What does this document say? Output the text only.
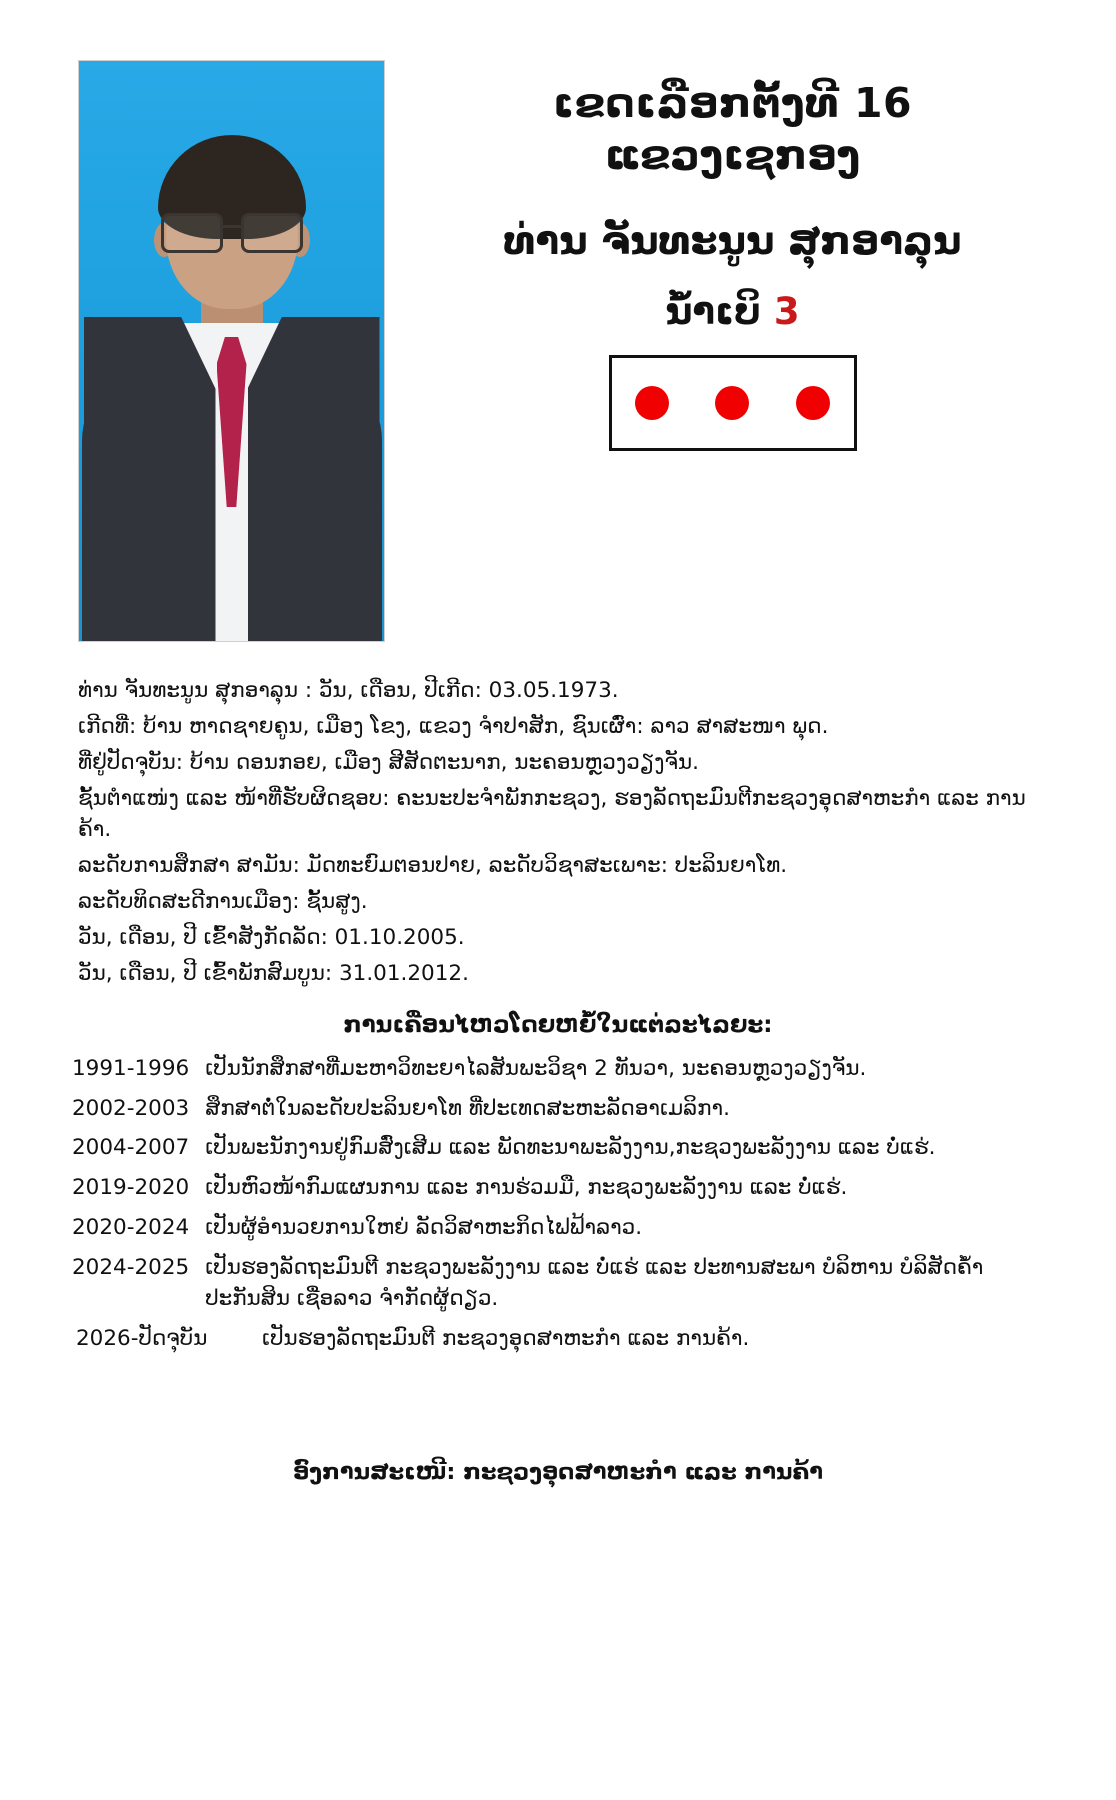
ເຂດເລືອກຕັ້ງທີ 16
ແຂວງເຊກອງ
ທ່ານ ຈັນທະນູນ ສຸກອາລຸນ
ນ້ຳເບິ 3

ທ່ານ ຈັນທະນູນ ສຸກອາລຸນ : ວັນ, ເດືອນ, ປີເກີດ: 03.05.1973.

ເກີດທີ່: ບ້ານ ຫາດຊາຍຄູນ, ເມືອງ ໂຂງ, ແຂວງ ຈຳປາສັກ, ຊົນເຜົ່າ: ລາວ ສາສະໜາ ພຸດ.

ທີ່ຢູ່ປັດຈຸບັນ: ບ້ານ ດອນກອຍ, ເມືອງ ສີສັດຕະນາກ, ນະຄອນຫຼວງວຽງຈັນ.

ຊັ້ນຕຳແໜ່ງ ແລະ ໜ້າທີ່ຮັບຜິດຊອບ: ຄະນະປະຈຳພັກກະຊວງ, ຮອງລັດຖະມົນຕີກະຊວງອຸດສາຫະກຳ ແລະ ການຄ້າ.

ລະດັບການສຶກສາ ສາມັນ: ມັດທະຍົມຕອນປາຍ, ລະດັບວິຊາສະເພາະ: ປະລິນຍາໂທ.

ລະດັບທິດສະດີການເມືອງ: ຊັ້ນສູງ.

ວັນ, ເດືອນ, ປີ ເຂົ້າສັງກັດລັດ: 01.10.2005.

ວັນ, ເດືອນ, ປີ ເຂົ້າພັກສົມບູນ: 31.01.2012.

ການເຄື່ອນໄຫວໂດຍຫຍໍ້ໃນແຕ່ລະໄລຍະ:
1991-1996 ເປັນນັກສຶກສາທີ່ມະຫາວິທະຍາໄລສັນພະວິຊາ 2 ທັນວາ, ນະຄອນຫຼວງວຽງຈັນ.
2002-2003 ສຶກສາຕໍ່ໃນລະດັບປະລິນຍາໂທ ທີ່ປະເທດສະຫະລັດອາເມລິກາ.
2004-2007 ເປັນພະນັກງານຢູ່ກົມສົ່ງເສີມ ແລະ ພັດທະນາພະລັງງານ,ກະຊວງພະລັງງານ ແລະ ບໍ່ແຮ່.
2019-2020 ເປັນຫົວໜ້າກົມແຜນການ ແລະ ການຮ່ວມມື, ກະຊວງພະລັງງານ ແລະ ບໍ່ແຮ່.
2020-2024 ເປັນຜູ້ອຳນວຍການໃຫຍ່ ລັດວິສາຫະກິດໄຟຟ້າລາວ.
2024-2025 ເປັນຮອງລັດຖະມົນຕີ ກະຊວງພະລັງງານ ແລະ ບໍ່ແຮ່ ແລະ ປະທານສະພາ ບໍລິຫານ ບໍລິສັດຄ້ຳ ປະກັນສິນ ເຊື່ອລາວ ຈຳກັດຜູ້ດຽວ.
2026-ປັດຈຸບັນ	ເປັນຮອງລັດຖະມົນຕີ ກະຊວງອຸດສາຫະກຳ ແລະ ການຄ້າ.
ອົງການສະເໜີ: ກະຊວງອຸດສາຫະກຳ ແລະ ການຄ້າ
